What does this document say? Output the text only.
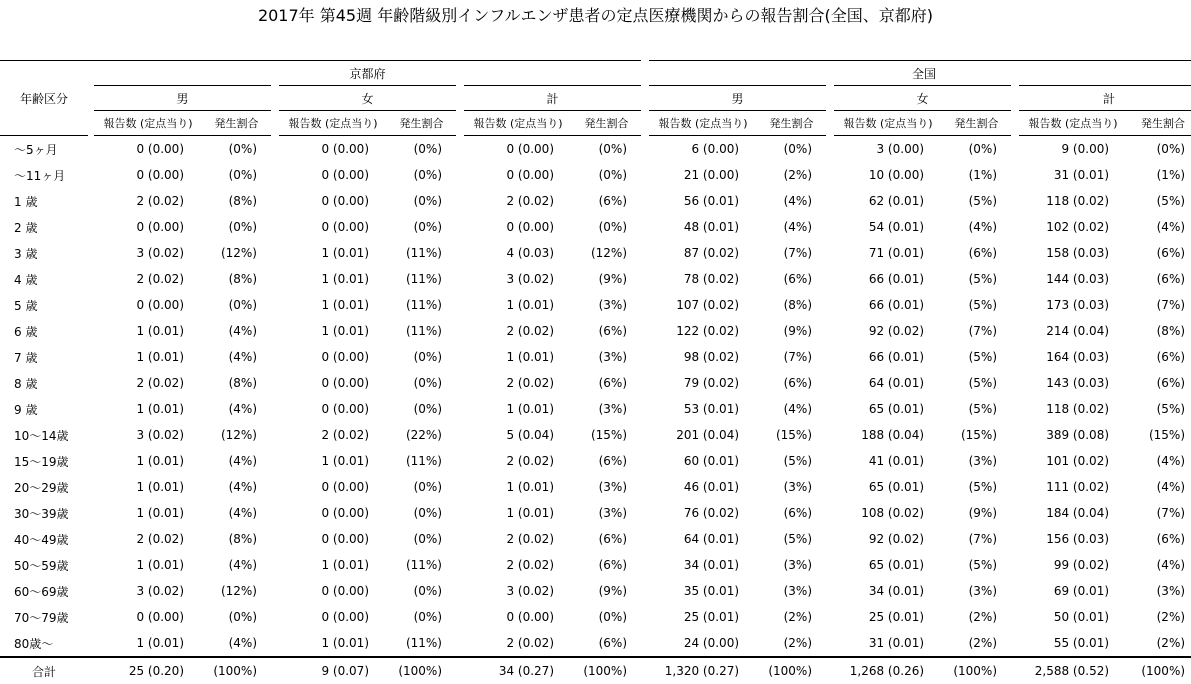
2017年 第45週 年齢階級別インフルエンザ患者の定点医療機関からの報告割合(全国、京都府)
		京都府									全国							
年齢区分		男			女			計			男			女			計	
		報告数 (定点当り)	発生割合		報告数 (定点当り)	発生割合		報告数 (定点当り)	発生割合		報告数 (定点当り)	発生割合		報告数 (定点当り)	発生割合		報告数 (定点当り)	発生割合
〜5ヶ月		0 (0.00)	(0%)		0 (0.00)	(0%)		0 (0.00)	(0%)		6 (0.00)	(0%)		3 (0.00)	(0%)		9 (0.00)	(0%)
〜11ヶ月		0 (0.00)	(0%)		0 (0.00)	(0%)		0 (0.00)	(0%)		21 (0.00)	(2%)		10 (0.00)	(1%)		31 (0.01)	(1%)
1 歳		2 (0.02)	(8%)		0 (0.00)	(0%)		2 (0.02)	(6%)		56 (0.01)	(4%)		62 (0.01)	(5%)		118 (0.02)	(5%)
2 歳		0 (0.00)	(0%)		0 (0.00)	(0%)		0 (0.00)	(0%)		48 (0.01)	(4%)		54 (0.01)	(4%)		102 (0.02)	(4%)
3 歳		3 (0.02)	(12%)		1 (0.01)	(11%)		4 (0.03)	(12%)		87 (0.02)	(7%)		71 (0.01)	(6%)		158 (0.03)	(6%)
4 歳		2 (0.02)	(8%)		1 (0.01)	(11%)		3 (0.02)	(9%)		78 (0.02)	(6%)		66 (0.01)	(5%)		144 (0.03)	(6%)
5 歳		0 (0.00)	(0%)		1 (0.01)	(11%)		1 (0.01)	(3%)		107 (0.02)	(8%)		66 (0.01)	(5%)		173 (0.03)	(7%)
6 歳		1 (0.01)	(4%)		1 (0.01)	(11%)		2 (0.02)	(6%)		122 (0.02)	(9%)		92 (0.02)	(7%)		214 (0.04)	(8%)
7 歳		1 (0.01)	(4%)		0 (0.00)	(0%)		1 (0.01)	(3%)		98 (0.02)	(7%)		66 (0.01)	(5%)		164 (0.03)	(6%)
8 歳		2 (0.02)	(8%)		0 (0.00)	(0%)		2 (0.02)	(6%)		79 (0.02)	(6%)		64 (0.01)	(5%)		143 (0.03)	(6%)
9 歳		1 (0.01)	(4%)		0 (0.00)	(0%)		1 (0.01)	(3%)		53 (0.01)	(4%)		65 (0.01)	(5%)		118 (0.02)	(5%)
10〜14歳		3 (0.02)	(12%)		2 (0.02)	(22%)		5 (0.04)	(15%)		201 (0.04)	(15%)		188 (0.04)	(15%)		389 (0.08)	(15%)
15〜19歳		1 (0.01)	(4%)		1 (0.01)	(11%)		2 (0.02)	(6%)		60 (0.01)	(5%)		41 (0.01)	(3%)		101 (0.02)	(4%)
20〜29歳		1 (0.01)	(4%)		0 (0.00)	(0%)		1 (0.01)	(3%)		46 (0.01)	(3%)		65 (0.01)	(5%)		111 (0.02)	(4%)
30〜39歳		1 (0.01)	(4%)		0 (0.00)	(0%)		1 (0.01)	(3%)		76 (0.02)	(6%)		108 (0.02)	(9%)		184 (0.04)	(7%)
40〜49歳		2 (0.02)	(8%)		0 (0.00)	(0%)		2 (0.02)	(6%)		64 (0.01)	(5%)		92 (0.02)	(7%)		156 (0.03)	(6%)
50〜59歳		1 (0.01)	(4%)		1 (0.01)	(11%)		2 (0.02)	(6%)		34 (0.01)	(3%)		65 (0.01)	(5%)		99 (0.02)	(4%)
60〜69歳		3 (0.02)	(12%)		0 (0.00)	(0%)		3 (0.02)	(9%)		35 (0.01)	(3%)		34 (0.01)	(3%)		69 (0.01)	(3%)
70〜79歳		0 (0.00)	(0%)		0 (0.00)	(0%)		0 (0.00)	(0%)		25 (0.01)	(2%)		25 (0.01)	(2%)		50 (0.01)	(2%)
80歳〜		1 (0.01)	(4%)		1 (0.01)	(11%)		2 (0.02)	(6%)		24 (0.00)	(2%)		31 (0.01)	(2%)		55 (0.01)	(2%)
合計		25 (0.20)	(100%)		9 (0.07)	(100%)		34 (0.27)	(100%)		1,320 (0.27)	(100%)		1,268 (0.26)	(100%)		2,588 (0.52)	(100%)
